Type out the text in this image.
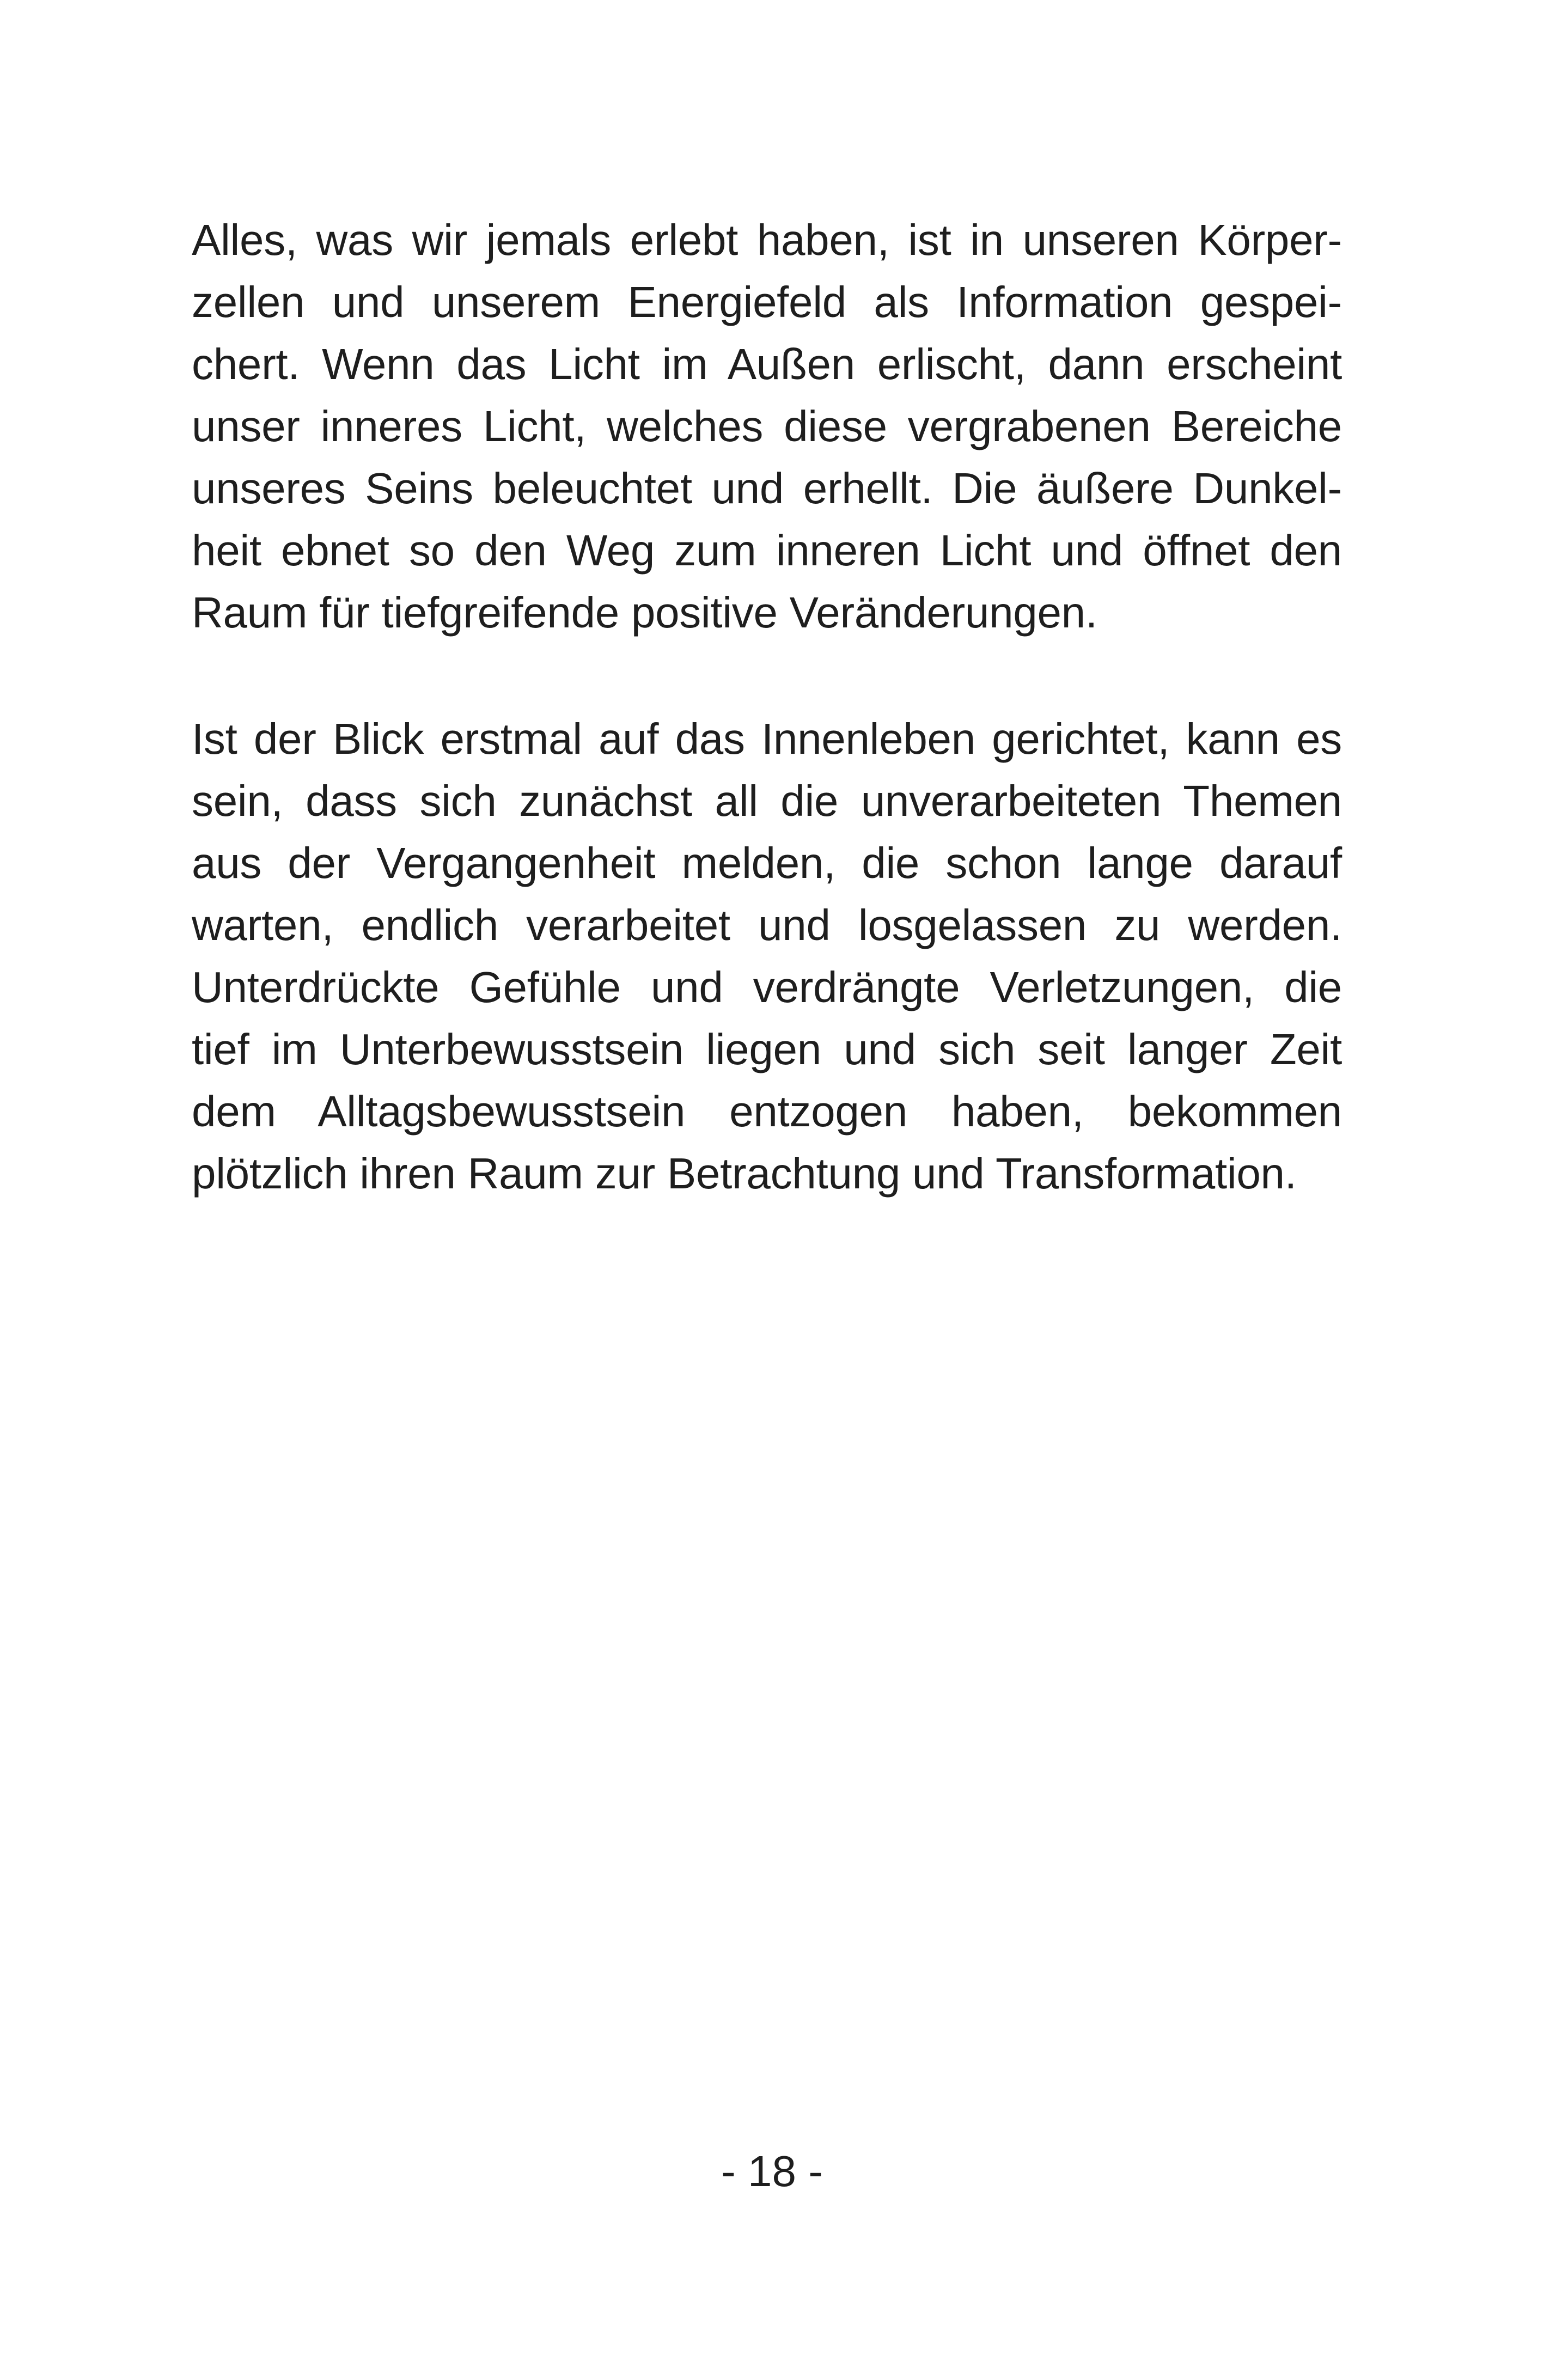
Alles, was wir jemals erlebt haben, ist in unseren Körper-
zellen und unserem Energiefeld als Information gespei-
chert. Wenn das Licht im Außen erlischt, dann erscheint
unser inneres Licht, welches diese vergrabenen Bereiche
unseres Seins beleuchtet und erhellt. Die äußere Dunkel-
heit ebnet so den Weg zum inneren Licht und öffnet den
Raum für tiefgreifende positive Veränderungen.
Ist der Blick erstmal auf das Innenleben gerichtet, kann es
sein, dass sich zunächst all die unverarbeiteten Themen
aus der Vergangenheit melden, die schon lange darauf
warten, endlich verarbeitet und losgelassen zu werden.
Unterdrückte Gefühle und verdrängte Verletzungen, die
tief im Unterbewusstsein liegen und sich seit langer Zeit
dem Alltagsbewusstsein entzogen haben, bekommen
plötzlich ihren Raum zur Betrachtung und Transformation.
- 18 -
